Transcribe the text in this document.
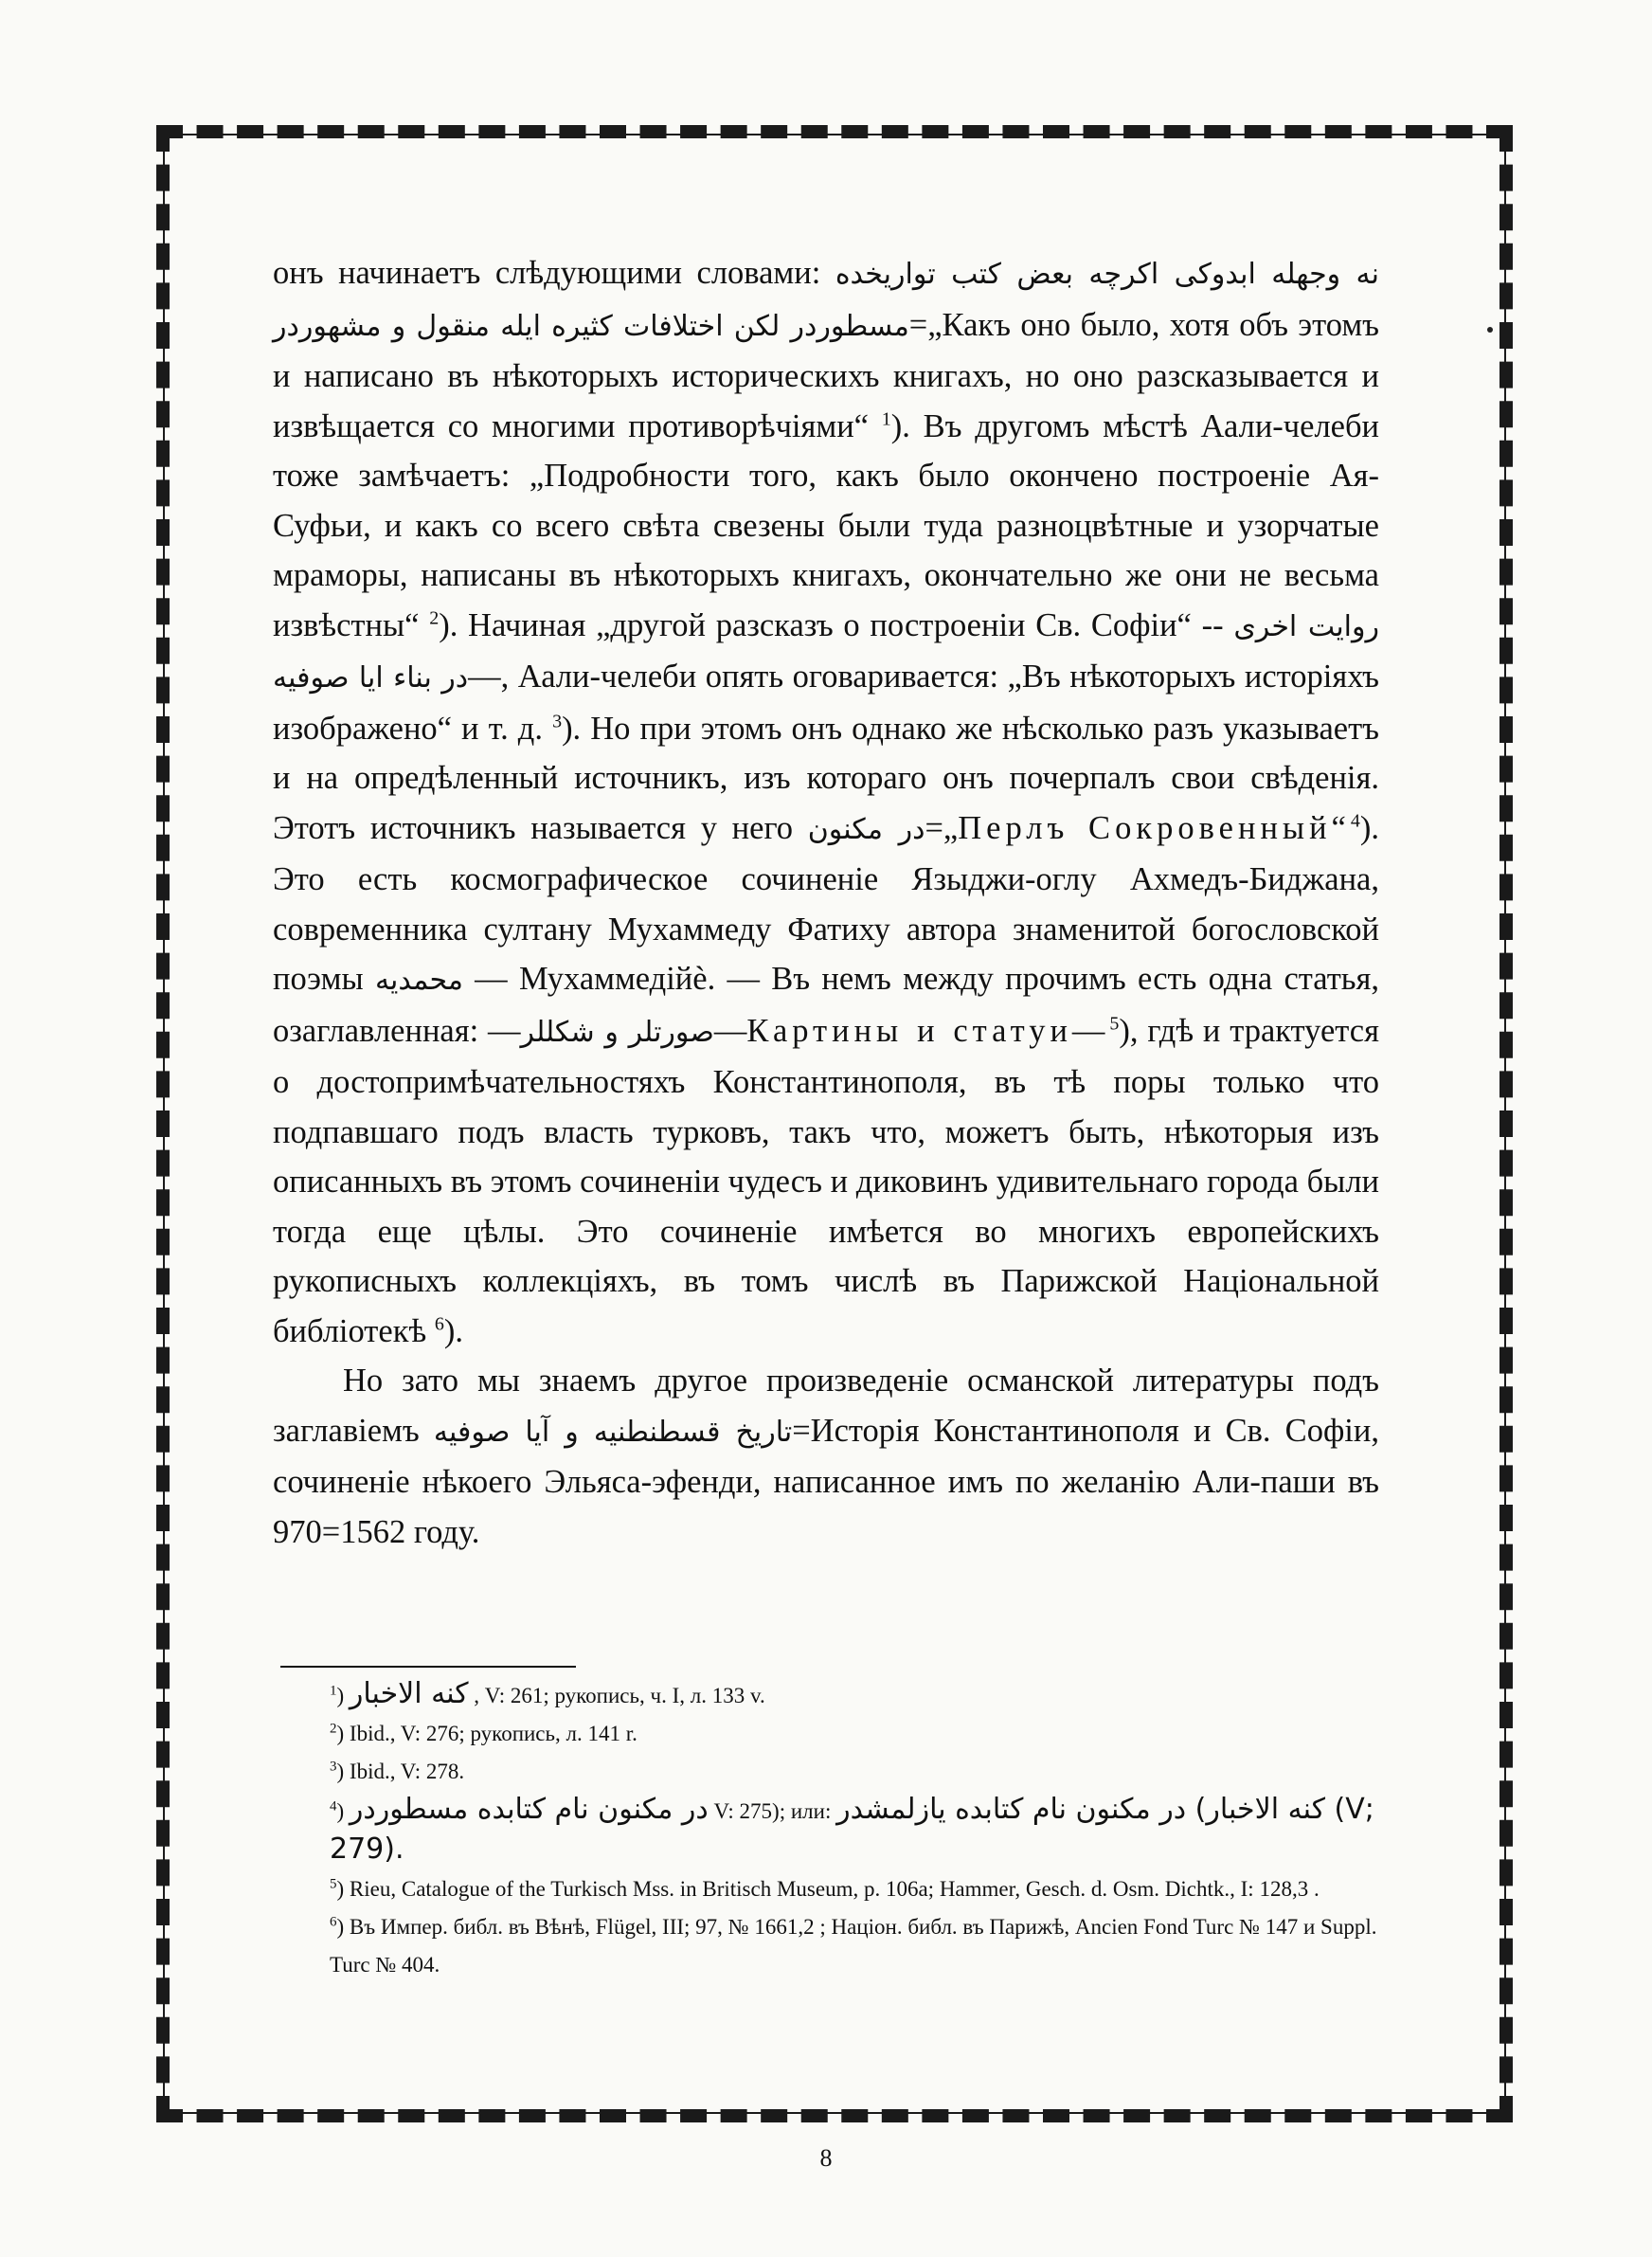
онъ начинаетъ слѣдующими словами: نه وجهله ابدوکی اکرچه بعض کتب تواریخده مسطوردر لکن اختلافات کثیره ایله منقول و مشهوردر=„Какъ оно было, хотя объ этомъ и написано въ нѣкоторыхъ историческихъ книгахъ, но оно разсказывается и извѣщается со многими противорѣчіями“ $^1$). Въ другомъ мѣстѣ Аали-челеби тоже замѣчаетъ: „Подробности того, какъ было окончено построеніе Ая-Суфьи, и какъ со всего свѣта свезены были туда разноцвѣтные и узорчатые мраморы, написаны въ нѣкоторыхъ книгахъ, окончательно же они не весьма извѣстны“ $^2$). Начиная „другой разсказъ о построеніи Св. Софіи“ -- روایت اخری در بناء ایا صوفیه—, Аали-челеби опять оговаривается: „Въ нѣкоторыхъ исторіяхъ изображено“ и т. д. $^3$). Но при этомъ онъ однако же нѣсколько разъ указываетъ и на опредѣленный источникъ, изъ котораго онъ почерпалъ свои свѣденія. Этотъ источникъ называется у него در مکنون=„Перлъ Сокровенный“$^4$). Это есть космографическое сочиненіе Языджи-оглу Ахмедъ-Биджана, современника султану Мухаммеду Фатиху автора знаменитой богословской поэмы محمدیه — Мухаммедійѐ. — Въ немъ между прочимъ есть одна статья, озаглавленная: —صورتلر و شکللر—Картины и статуи—$^5$), гдѣ и трактуется о достопримѣчательностяхъ Константинополя, въ тѣ поры только что подпавшаго подъ власть турковъ, такъ что, можетъ быть, нѣкоторыя изъ описанныхъ въ этомъ сочиненіи чудесъ и диковинъ удивительнаго города были тогда еще цѣлы. Это сочиненіе имѣется во многихъ европейскихъ рукописныхъ коллекціяхъ, въ томъ числѣ въ Парижской Національной библіотекѣ $^6$).

Но зато мы знаемъ другое произведеніе османской литературы подъ заглавіемъ تاریخ قسطنطنیه و آیا صوفیه=Исторія Константинополя и Св. Софіи, сочиненіе нѣкоего Эльяса-эфенди, написанное имъ по желанію Али-паши въ 970=1562 году.

$^1$) کنه الاخبار , V: 261; рукопись, ч. I, л. 133 v.

$^2$) Ibid., V: 276; рукопись, л. 141 r.

$^3$) Ibid., V: 278.

$^4$) در مکنون نام کتابده مسطوردر V: 275); или: کنه الاخبار) در مکنون نام کتابده یازلمشدر (V; 279).

$^5$) Rieu, Catalogue of the Turkisch Mss. in Britisch Museum, p. 106a; Hammer, Gesch. d. Osm. Dichtk., I: 128,3 .

$^6$) Въ Импер. библ. въ Вѣнѣ, Flügel, III; 97, № 1661,2 ; Націон. библ. въ Парижѣ, Ancien Fond Turc № 147 и Suppl. Turc № 404.

8
